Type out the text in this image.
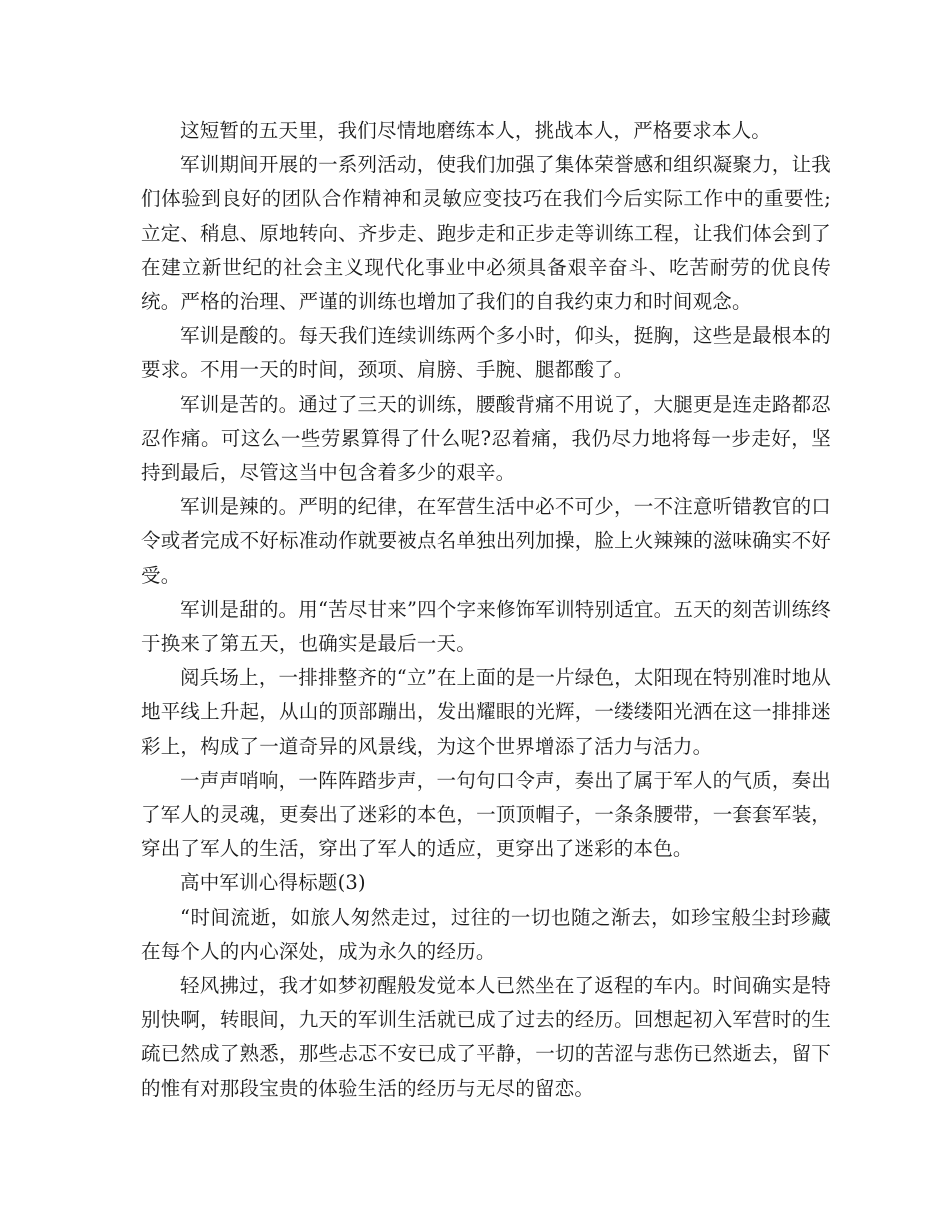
这短暂的五天里，我们尽情地磨练本人，挑战本人，严格要求本人。

军训期间开展的一系列活动，使我们加强了集体荣誉感和组织凝聚力，让我们体验到良好的团队合作精神和灵敏应变技巧在我们今后实际工作中的重要性;立定、稍息、原地转向、齐步走、跑步走和正步走等训练工程，让我们体会到了在建立新世纪的社会主义现代化事业中必须具备艰辛奋斗、吃苦耐劳的优良传统。严格的治理、严谨的训练也增加了我们的自我约束力和时间观念。

军训是酸的。每天我们连续训练两个多小时，仰头，挺胸，这些是最根本的要求。不用一天的时间，颈项、肩膀、手腕、腿都酸了。

军训是苦的。通过了三天的训练，腰酸背痛不用说了，大腿更是连走路都忍忍作痛。可这么一些劳累算得了什么呢?忍着痛，我仍尽力地将每一步走好，坚持到最后，尽管这当中包含着多少的艰辛。

军训是辣的。严明的纪律，在军营生活中必不可少，一不注意听错教官的口令或者完成不好标准动作就要被点名单独出列加操，脸上火辣辣的滋味确实不好受。

军训是甜的。用“苦尽甘来”四个字来修饰军训特别适宜。五天的刻苦训练终于换来了第五天，也确实是最后一天。

阅兵场上，一排排整齐的“立”在上面的是一片绿色，太阳现在特别准时地从地平线上升起，从山的顶部蹦出，发出耀眼的光辉，一缕缕阳光洒在这一排排迷彩上，构成了一道奇异的风景线，为这个世界增添了活力与活力。

一声声哨响，一阵阵踏步声，一句句口令声，奏出了属于军人的气质，奏出了军人的灵魂，更奏出了迷彩的本色，一顶顶帽子，一条条腰带，一套套军装，穿出了军人的生活，穿出了军人的适应，更穿出了迷彩的本色。

高中军训心得标题(3)

“时间流逝，如旅人匆然走过，过往的一切也随之渐去，如珍宝般尘封珍藏在每个人的内心深处，成为永久的经历。

轻风拂过，我才如梦初醒般发觉本人已然坐在了返程的车内。时间确实是特别快啊，转眼间，九天的军训生活就已成了过去的经历。回想起初入军营时的生疏已然成了熟悉，那些忐忑不安已成了平静，一切的苦涩与悲伤已然逝去，留下的惟有对那段宝贵的体验生活的经历与无尽的留恋。
